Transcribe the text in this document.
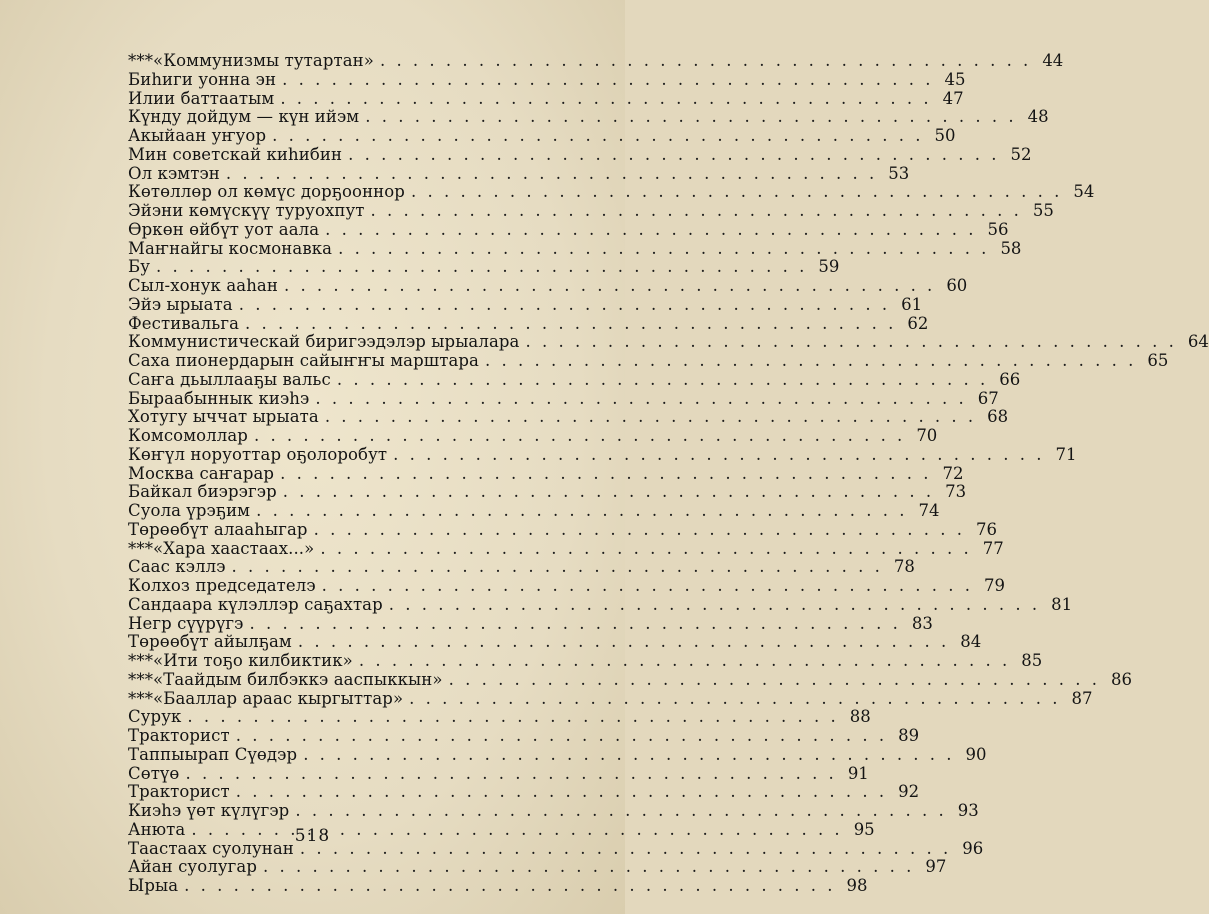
***«Коммунизмы тутартан» . . .	44
Биhиги уонна эн . . .	45
Илии баттаатым . . .	47
Күнду дойдум — күн ийэм . . .	48
Акыйаан уҥуор . . .	50
Мин советскай киhибин . . .	52
Ол кэмтэн . . .	53
Көтөллөр ол көмүс дорҕооннор . . .	54
Эйэни көмүскүү туруохпут . . .	55
Өркөн өйбүт уот аала . . .	56
Маҥнайгы космонавка . . .	58
Бу . . .	59
Сыл-хонук ааhан . . .	60
Эйэ ырыата . . .	61
Фестивальга . . .	62
Коммунистическай биригээдэлэр ырыалара . . .	64
Саха пионердарын сайыҥҥы марштара . . .	65
Саҥа дьыллааҕы вальс . . .	66
Быраабыннык киэhэ . . .	67
Хотугу ыччат ырыата . . .	68
Комсомоллар . . .	70
Көҥүл норуоттар оҕолоробут . . .	71
Москва саҥарар . . .	72
Байкал биэрэгэр . . .	73
Суола үрэҕим . . .	74
Төрөөбүт алааhыгар . . .	76
***«Хара хаастаах...» . . .	77
Саас кэллэ . . .	78
Колхоз председателэ . . .	79
Сандаара күлэллэр саҕахтар . . .	81
Негр сүүрүгэ . . .	83
Төрөөбүт айылҕам . . .	84
***«Ити тоҕо килбиктик» . . .	85
***«Таайдым билбэккэ ааспыккын» . . .	86
***«Бааллар араас кыргыттар» . . .	87
Сурук . . .	88
Тракторист . . .	89
Таппыырап Сүөдэр . . .	90
Сөтүө . . .	91
Тракторист . . .	92
Киэhэ үөт күлүгэр . . .	93
Анюта . . .	95
Таастаах суолунан . . .	96
Айан суолугар . . .	97
Ырыа . . .	98
518
